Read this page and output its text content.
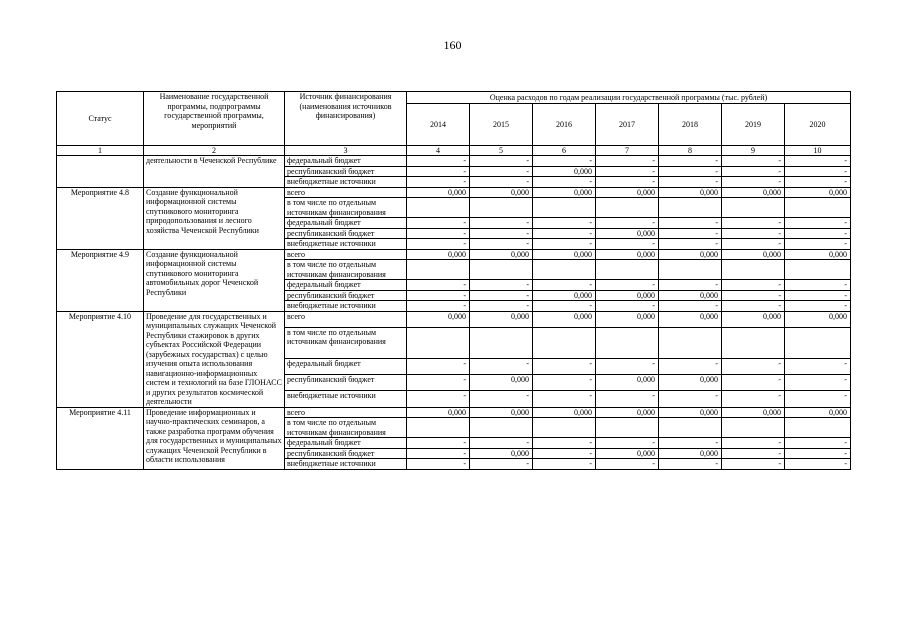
160
Статус	Наименование государственной программы, подпрограммы государственной программы, мероприятий	Источник финансирования (наименования источников финансирования)	Оценка расходов по годам реализации государственной программы (тыс. рублей)						
			2014	2015	2016	2017	2018	2019	2020
1	2	3	4	5	6	7	8	9	10
	деятельности в Чеченской Республике	федеральный бюджет	-	-	-	-	-	-	-
		республиканский бюджет	-	-	0,000	-	-	-	-
		внебюджетные источники	-	-	-	-	-	-	-
Мероприятие 4.8	Создание функциональной информационной системы спутникового мониторинга природопользования и лесного хозяйства Чеченской Республики	всего	0,000	0,000	0,000	0,000	0,000	0,000	0,000
		в том числе по отдельным источникам финансирования							
		федеральный бюджет	-	-	-	-	-	-	-
		республиканский бюджет	-	-	-	0,000	-	-	-
		внебюджетные источники	-	-	-	-	-	-	-
Мероприятие 4.9	Создание функциональной информационной системы спутникового мониторинга автомобильных дорог Чеченской Республики	всего	0,000	0,000	0,000	0,000	0,000	0,000	0,000
		в том числе по отдельным источникам финансирования							
		федеральный бюджет	-	-	-	-	-	-	-
		республиканский бюджет	-	-	0,000	0,000	0,000	-	-
		внебюджетные источники	-	-	-	-	-	-	-
Мероприятие 4.10	Проведение для государственных и муниципальных служащих Чеченской Республики стажировок в других субъектах Российской Федерации (зарубежных государствах) с целью изучения опыта использования навигационно-информационных систем и технологий на базе ГЛОНАСС и других результатов космической деятельности	всего	0,000	0,000	0,000	0,000	0,000	0,000	0,000
		в том числе по отдельным источникам финансирования							
		федеральный бюджет	-	-	-	-	-	-	-
		республиканский бюджет	-	0,000	-	0,000	0,000	-	-
		внебюджетные источники	-	-	-	-	-	-	-
Мероприятие 4.11	Проведение информационных и научно-практических семинаров, а также разработка программ обучения для государственных и муниципальных служащих Чеченской Республики в области использования	всего	0,000	0,000	0,000	0,000	0,000	0,000	0,000
		в том числе по отдельным источникам финансирования							
		федеральный бюджет	-	-	-	-	-	-	-
		республиканский бюджет	-	0,000	-	0,000	0,000	-	-
		внебюджетные источники	-	-	-	-	-	-	-
